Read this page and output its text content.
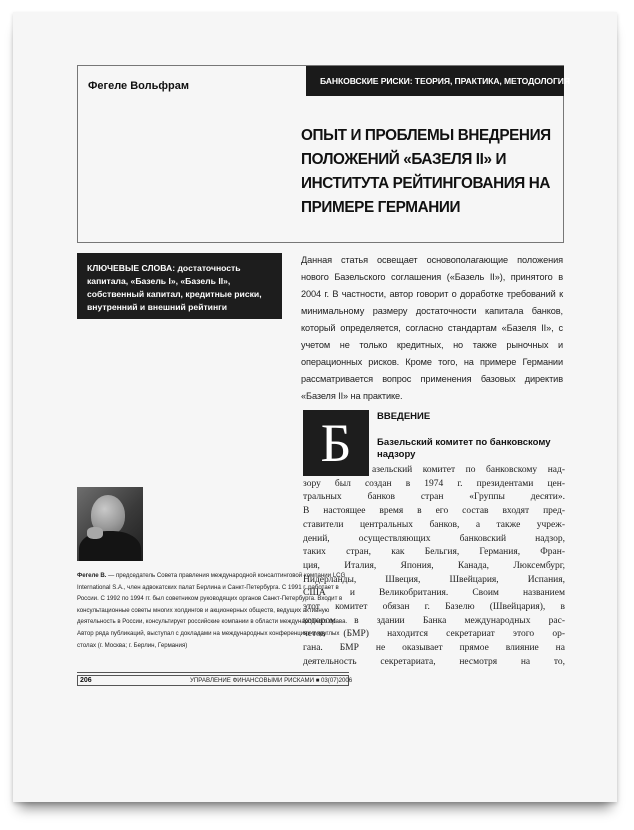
Фегеле Вольфрам	БАНКОВСКИЕ РИСКИ: ТЕОРИЯ, ПРАКТИКА, МЕТОДОЛОГИЯ
ОПЫТ И ПРОБЛЕМЫ ВНЕДРЕНИЯ ПОЛОЖЕНИЙ «БАЗЕЛЯ II» И ИНСТИТУТА РЕЙТИНГОВАНИЯ НА ПРИМЕРЕ ГЕРМАНИИ
КЛЮЧЕВЫЕ СЛОВА: достаточность капитала, «Базель I», «Базель II», собственный капитал, кредитные риски, внутренний и внешний рейтинги
Данная статья освещает основополагающие положения нового Базельского соглашения («Базель II»), принятого в 2004 г. В частности, автор говорит о доработке требований к минимальному размеру достаточности капитала банков, который определяется, согласно стандартам «Базеля II», с учетом не только кредитных, но также рыночных и операционных рисков. Кроме того, на примере Германии рассматривается вопрос применения базовых директив «Базеля II» на практике.
Б	ВВЕДЕНИЕ
Базельский комитет по банковскому надзору
азельский комитет по банковскому над-
зору был создан в 1974 г. президентами цен-
тральных банков стран «Группы десяти».
В настоящее время в его состав входят пред-
ставители центральных банков, а также учреж-
дений, осуществляющих банковский надзор,
таких стран, как Бельгия, Германия, Фран-
ция, Италия, Япония, Канада, Люксембург,
Нидерланды, Швеция, Швейцария, Испания,
США и Великобритания. Своим названием
этот комитет обязан г. Базелю (Швейцария), в
котором в здании Банка международных рас-
четов (БМР) находится секретариат этого ор-
гана. БМР не оказывает прямое влияние на
деятельность секретариата, несмотря на то,
Фегеле В. — председатель Совета правления международной консалтинговой компании LCG International S.A., член адвокатских палат Берлина и Санкт-Петербурга. С 1991 г. работает в России. С 1992 по 1994 гг. был советником руководящих органов Санкт-Петербурга. Входит в консультационные советы многих холдингов и акционерных обществ, ведущих активную деятельность в России, консультирует российские компании в области международного права. Автор ряда публикаций, выступал с докладами на международных конференциях и круглых столах (г. Москва; г. Берлин, Германия)
206	УПРАВЛЕНИЕ ФИНАНСОВЫМИ РИСКАМИ ■ 03(07)2006
